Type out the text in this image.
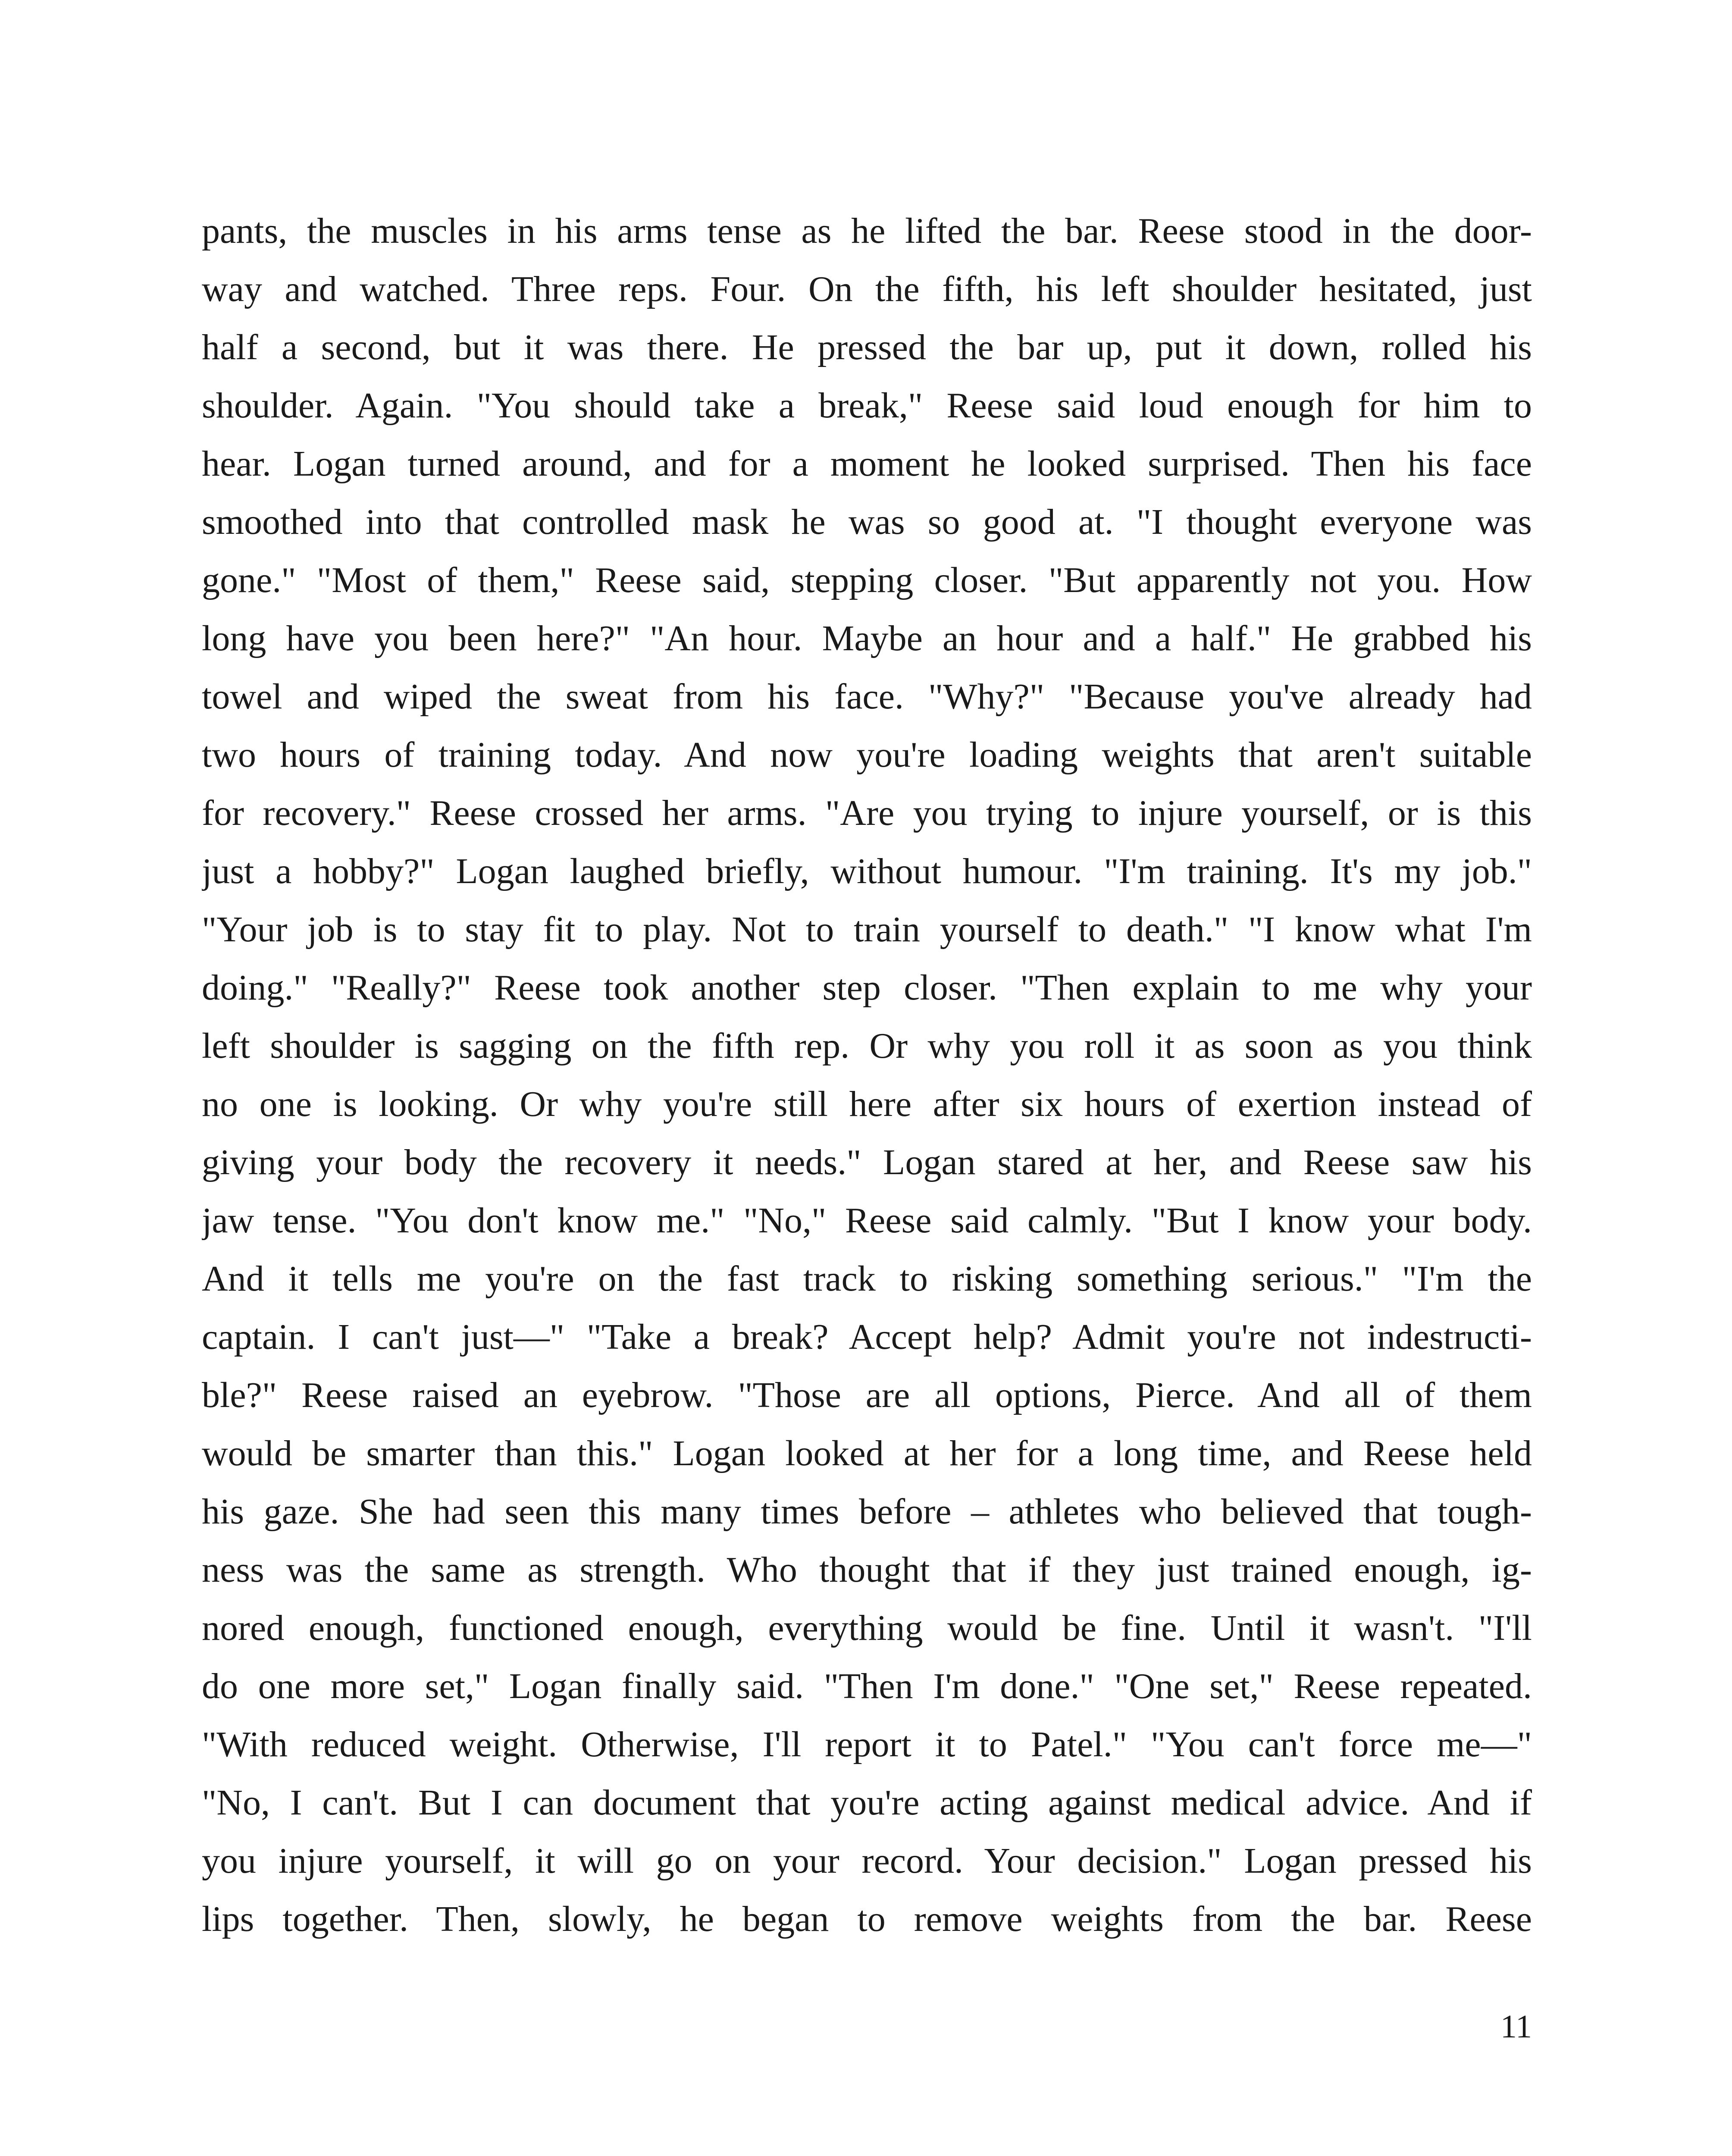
pants, the muscles in his arms tense as he lifted the bar. Reese stood in the door-
way and watched. Three reps. Four. On the fifth, his left shoulder hesitated, just
half a second, but it was there. He pressed the bar up, put it down, rolled his
shoulder. Again. "You should take a break," Reese said loud enough for him to
hear. Logan turned around, and for a moment he looked surprised. Then his face
smoothed into that controlled mask he was so good at. "I thought everyone was
gone." "Most of them," Reese said, stepping closer. "But apparently not you. How
long have you been here?" "An hour. Maybe an hour and a half." He grabbed his
towel and wiped the sweat from his face. "Why?" "Because you've already had
two hours of training today. And now you're loading weights that aren't suitable
for recovery." Reese crossed her arms. "Are you trying to injure yourself, or is this
just a hobby?" Logan laughed briefly, without humour. "I'm training. It's my job."
"Your job is to stay fit to play. Not to train yourself to death." "I know what I'm
doing." "Really?" Reese took another step closer. "Then explain to me why your
left shoulder is sagging on the fifth rep. Or why you roll it as soon as you think
no one is looking. Or why you're still here after six hours of exertion instead of
giving your body the recovery it needs." Logan stared at her, and Reese saw his
jaw tense. "You don't know me." "No," Reese said calmly. "But I know your body.
And it tells me you're on the fast track to risking something serious." "I'm the
captain. I can't just—" "Take a break? Accept help? Admit you're not indestructi-
ble?" Reese raised an eyebrow. "Those are all options, Pierce. And all of them
would be smarter than this." Logan looked at her for a long time, and Reese held
his gaze. She had seen this many times before – athletes who believed that tough-
ness was the same as strength. Who thought that if they just trained enough, ig-
nored enough, functioned enough, everything would be fine. Until it wasn't. "I'll
do one more set," Logan finally said. "Then I'm done." "One set," Reese repeated.
"With reduced weight. Otherwise, I'll report it to Patel." "You can't force me—"
"No, I can't. But I can document that you're acting against medical advice. And if
you injure yourself, it will go on your record. Your decision." Logan pressed his
lips together. Then, slowly, he began to remove weights from the bar. Reese
11
